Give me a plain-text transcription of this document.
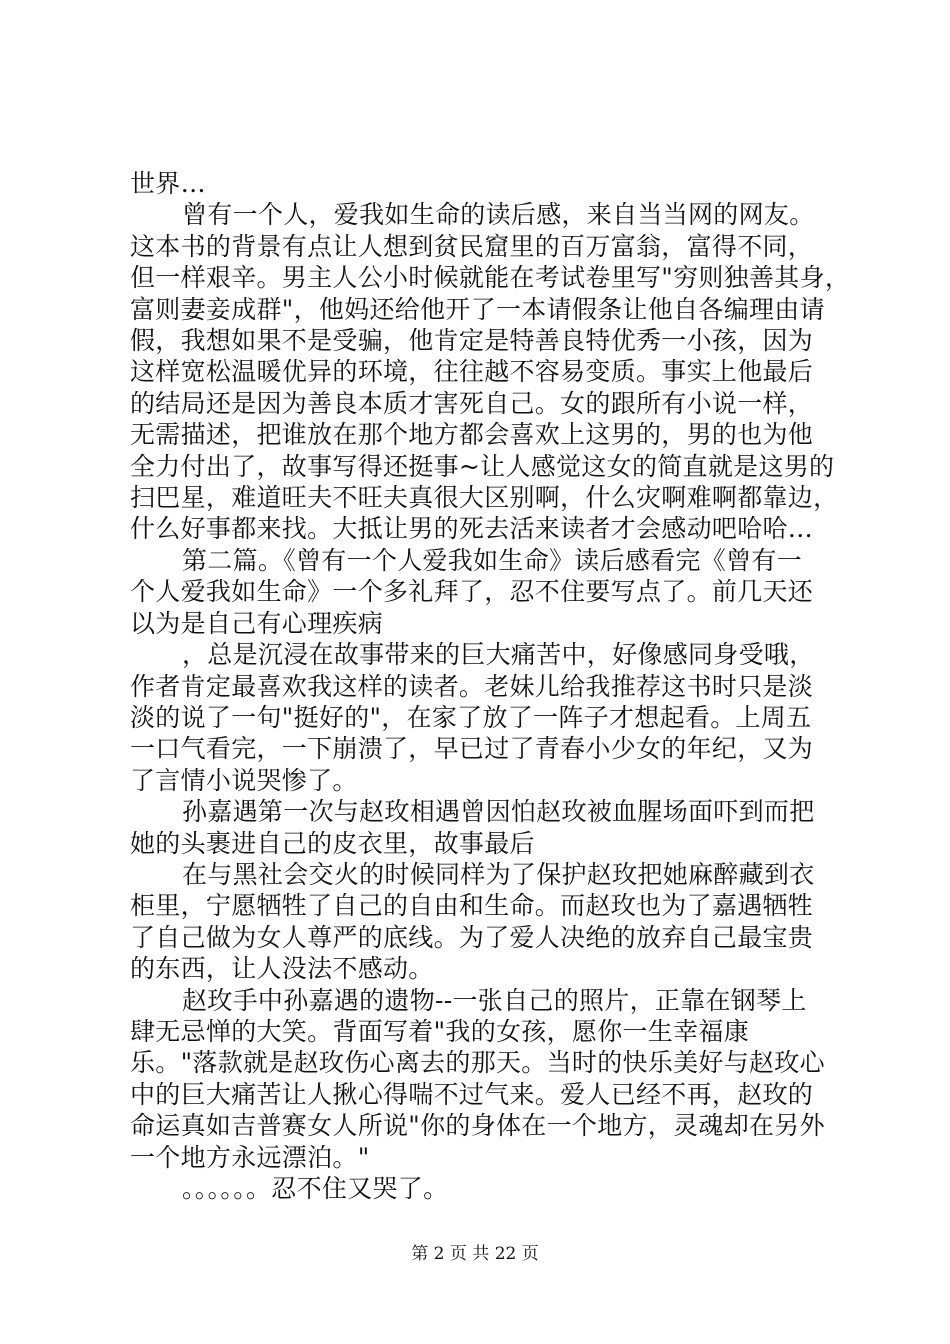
世界…
曾有一个人，爱我如生命的读后感，来自当当网的网友。
这本书的背景有点让人想到贫民窟里的百万富翁，富得不同，
但一样艰辛。男主人公小时候就能在考试卷里写"穷则独善其身，
富则妻妾成群"，他妈还给他开了一本请假条让他自各编理由请
假，我想如果不是受骗，他肯定是特善良特优秀一小孩，因为
这样宽松温暖优异的环境，往往越不容易变质。事实上他最后
的结局还是因为善良本质才害死自己。女的跟所有小说一样，
无需描述，把谁放在那个地方都会喜欢上这男的，男的也为他
全力付出了，故事写得还挺事~让人感觉这女的简直就是这男的
扫巴星，难道旺夫不旺夫真很大区别啊，什么灾啊难啊都靠边，
什么好事都来找。大抵让男的死去活来读者才会感动吧哈哈…
第二篇。《曾有一个人爱我如生命》读后感看完《曾有一
个人爱我如生命》一个多礼拜了，忍不住要写点了。前几天还
以为是自己有心理疾病
，总是沉浸在故事带来的巨大痛苦中，好像感同身受哦，
作者肯定最喜欢我这样的读者。老妹儿给我推荐这书时只是淡
淡的说了一句"挺好的"，在家了放了一阵子才想起看。上周五
一口气看完，一下崩溃了，早已过了青春小少女的年纪，又为
了言情小说哭惨了。
孙嘉遇第一次与赵玫相遇曾因怕赵玫被血腥场面吓到而把
她的头裹进自己的皮衣里，故事最后
在与黑社会交火的时候同样为了保护赵玫把她麻醉藏到衣
柜里，宁愿牺牲了自己的自由和生命。而赵玫也为了嘉遇牺牲
了自己做为女人尊严的底线。为了爱人决绝的放弃自己最宝贵
的东西，让人没法不感动。
赵玫手中孙嘉遇的遗物--一张自己的照片，正靠在钢琴上
肆无忌惮的大笑。背面写着"我的女孩，愿你一生幸福康
乐。"落款就是赵玫伤心离去的那天。当时的快乐美好与赵玫心
中的巨大痛苦让人揪心得喘不过气来。爱人已经不再，赵玫的
命运真如吉普赛女人所说"你的身体在一个地方，灵魂却在另外
一个地方永远漂泊。"
。。。。。。忍不住又哭了。
第 2 页 共 22 页
